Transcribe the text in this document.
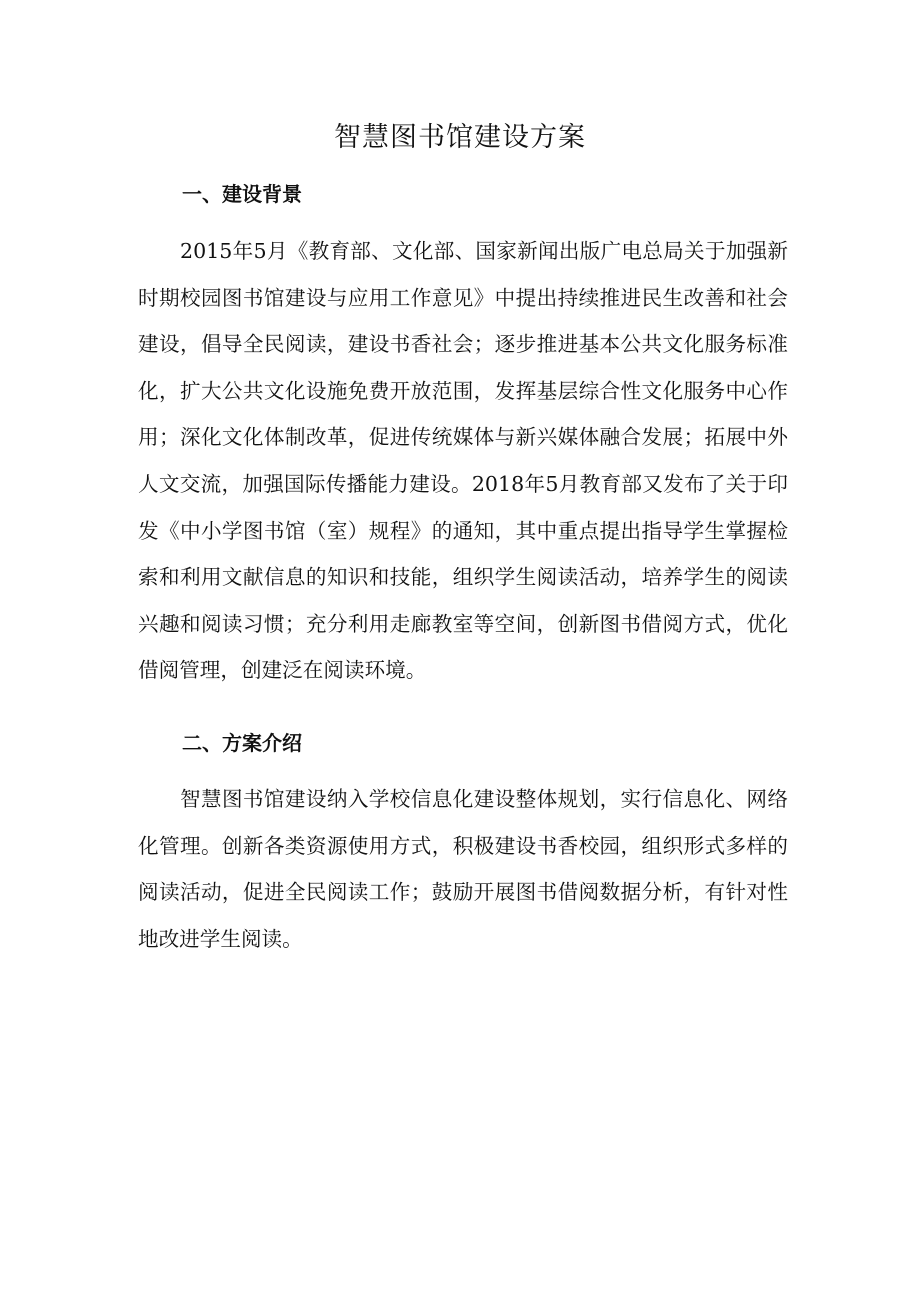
智慧图书馆建设方案
一、建设背景

2015年5月《教育部、文化部、国家新闻出版广电总局关于加强新时期校园图书馆建设与应用工作意见》中提出持续推进民生改善和社会建设，倡导全民阅读，建设书香社会；逐步推进基本公共文化服务标准化，扩大公共文化设施免费开放范围，发挥基层综合性文化服务中心作用；深化文化体制改革，促进传统媒体与新兴媒体融合发展；拓展中外人文交流，加强国际传播能力建设。2018年5月教育部又发布了关于印发《中小学图书馆（室）规程》的通知，其中重点提出指导学生掌握检索和利用文献信息的知识和技能，组织学生阅读活动，培养学生的阅读兴趣和阅读习惯；充分利用走廊教室等空间，创新图书借阅方式，优化借阅管理，创建泛在阅读环境。

二、方案介绍

智慧图书馆建设纳入学校信息化建设整体规划，实行信息化、网络化管理。创新各类资源使用方式，积极建设书香校园，组织形式多样的阅读活动，促进全民阅读工作；鼓励开展图书借阅数据分析，有针对性地改进学生阅读。
